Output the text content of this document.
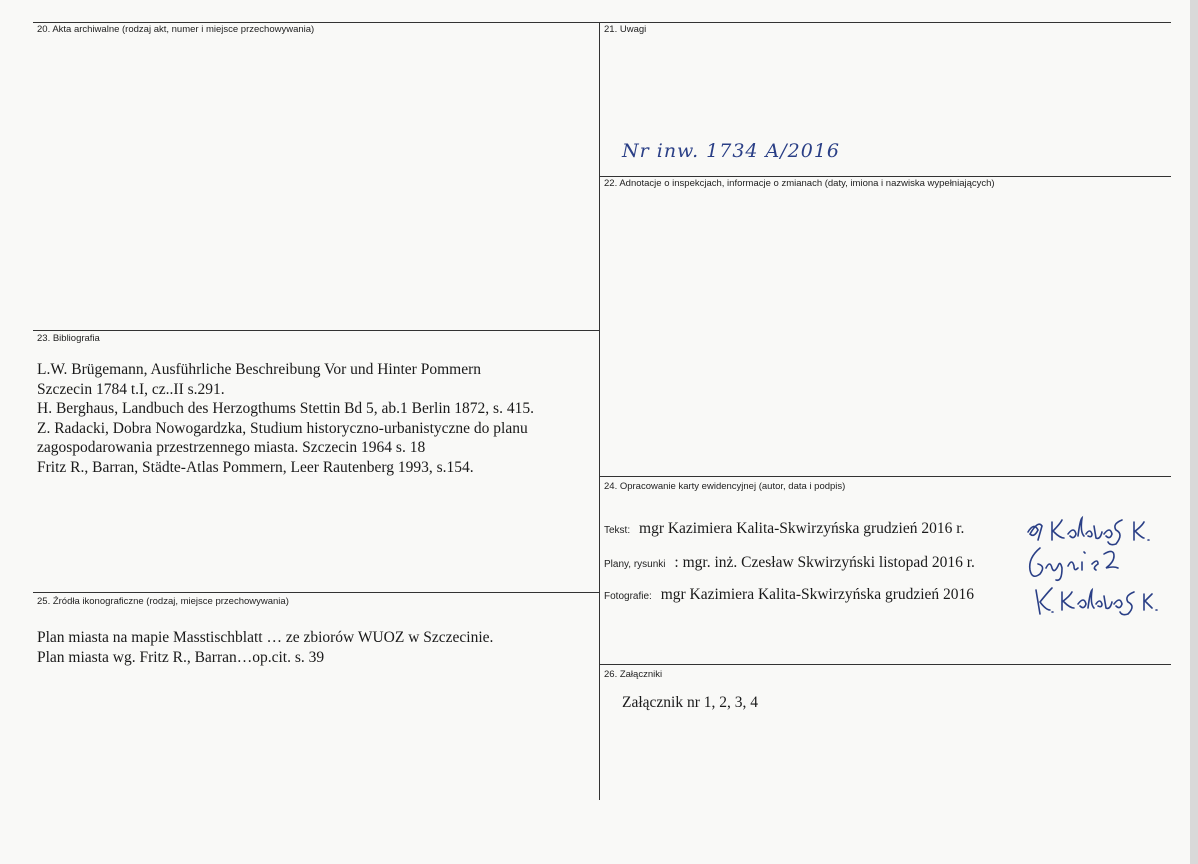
20. Akta archiwalne (rodzaj akt, numer i miejsce przechowywania)	21. Uwagi
Nr inw. 1734 A/2016
22. Adnotacje o inspekcjach, informacje o zmianach (daty, imiona i nazwiska wypełniających)
23. Bibliografia
L.W. Brügemann, Ausführliche Beschreibung Vor und Hinter Pommern
Szczecin 1784 t.I, cz..II s.291.
H. Berghaus, Landbuch des Herzogthums Stettin Bd 5, ab.1 Berlin 1872, s. 415.
Z. Radacki, Dobra Nowogardzka, Studium historyczno-urbanistyczne do planu
zagospodarowania przestrzennego miasta. Szczecin 1964 s. 18
Fritz R., Barran, Städte-Atlas Pommern, Leer Rautenberg 1993, s.154.
24. Opracowanie karty ewidencyjnej (autor, data i podpis)
Tekst: mgr Kazimiera Kalita-Skwirzyńska grudzień 2016 r.
Plany, rysunki : mgr. inż. Czesław Skwirzyński listopad 2016 r.
Fotografie: mgr Kazimiera Kalita-Skwirzyńska grudzień 2016
25. Źródła ikonograficzne (rodzaj, miejsce przechowywania)
Plan miasta na mapie Masstischblatt … ze zbiorów WUOZ w Szczecinie.
Plan miasta wg. Fritz R., Barran…op.cit. s. 39
26. Załączniki
Załącznik nr 1, 2, 3, 4
